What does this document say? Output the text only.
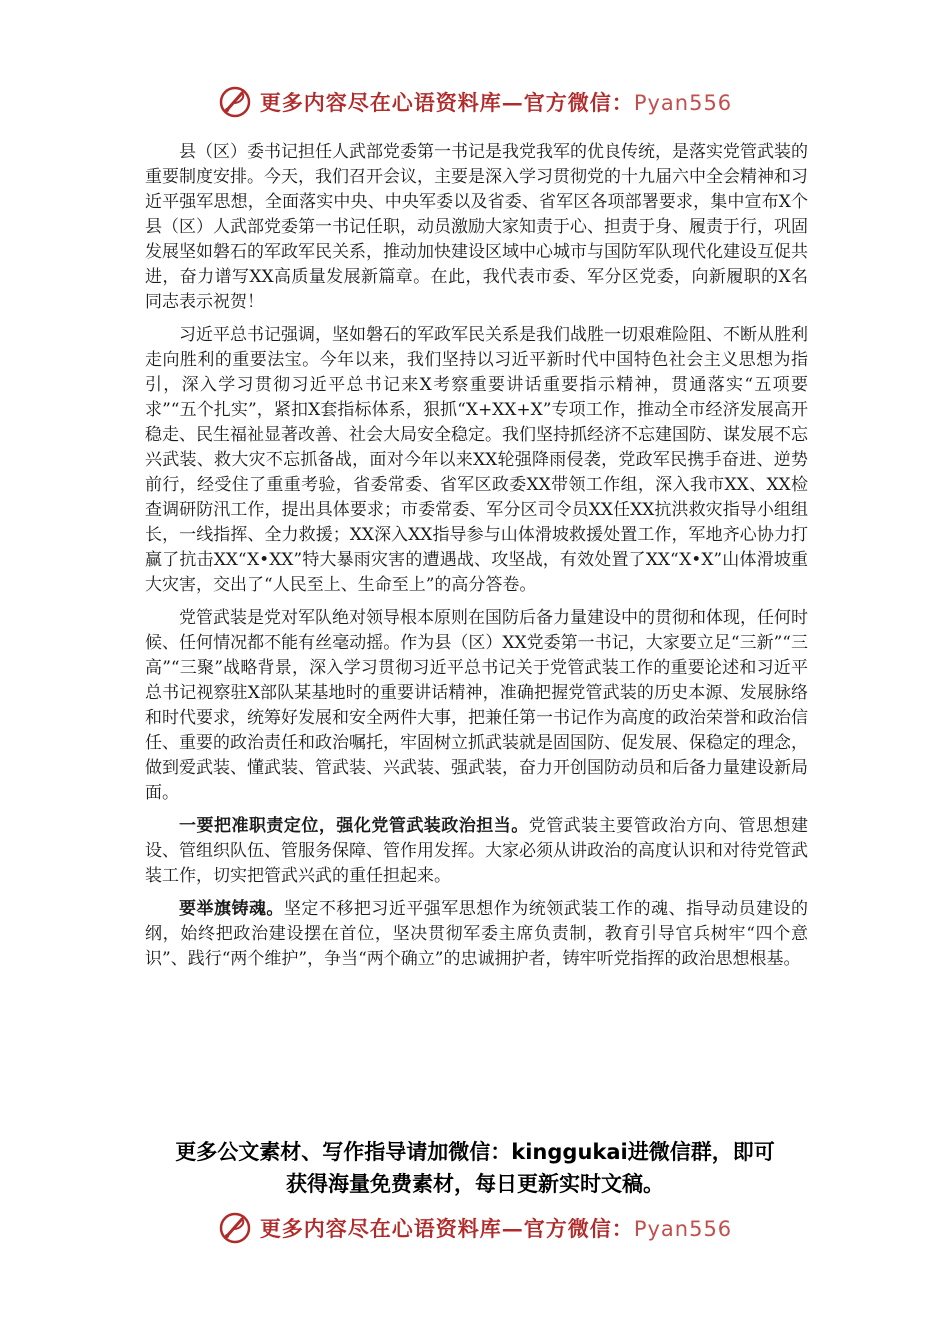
更多内容尽在心语资料库—官方微信：Pyan556

县（区）委书记担任人武部党委第一书记是我党我军的优良传统，是落实党管武装的重要制度安排。今天，我们召开会议，主要是深入学习贯彻党的十九届六中全会精神和习近平强军思想，全面落实中央、中央军委以及省委、省军区各项部署要求，集中宣布X个县（区）人武部党委第一书记任职，动员激励大家知责于心、担责于身、履责于行，巩固发展坚如磐石的军政军民关系，推动加快建设区域中心城市与国防军队现代化建设互促共进，奋力谱写XX高质量发展新篇章。在此，我代表市委、军分区党委，向新履职的X名同志表示祝贺！

习近平总书记强调，坚如磐石的军政军民关系是我们战胜一切艰难险阻、不断从胜利走向胜利的重要法宝。今年以来，我们坚持以习近平新时代中国特色社会主义思想为指引，深入学习贯彻习近平总书记来X考察重要讲话重要指示精神，贯通落实“五项要求”“五个扎实”，紧扣X套指标体系，狠抓“X+XX+X”专项工作，推动全市经济发展高开稳走、民生福祉显著改善、社会大局安全稳定。我们坚持抓经济不忘建国防、谋发展不忘兴武装、救大灾不忘抓备战，面对今年以来XX轮强降雨侵袭，党政军民携手奋进、逆势前行，经受住了重重考验，省委常委、省军区政委XX带领工作组，深入我市XX、XX检查调研防汛工作，提出具体要求；市委常委、军分区司令员XX任XX抗洪救灾指导小组组长，一线指挥、全力救援；XX深入XX指导参与山体滑坡救援处置工作，军地齐心协力打赢了抗击XX“X•XX”特大暴雨灾害的遭遇战、攻坚战，有效处置了XX“X•X”山体滑坡重大灾害，交出了“人民至上、生命至上”的高分答卷。

党管武装是党对军队绝对领导根本原则在国防后备力量建设中的贯彻和体现，任何时候、任何情况都不能有丝毫动摇。作为县（区）XX党委第一书记，大家要立足“三新”“三高”“三聚”战略背景，深入学习贯彻习近平总书记关于党管武装工作的重要论述和习近平总书记视察驻X部队某基地时的重要讲话精神，准确把握党管武装的历史本源、发展脉络和时代要求，统筹好发展和安全两件大事，把兼任第一书记作为高度的政治荣誉和政治信任、重要的政治责任和政治嘱托，牢固树立抓武装就是固国防、促发展、保稳定的理念，做到爱武装、懂武装、管武装、兴武装、强武装，奋力开创国防动员和后备力量建设新局面。

一要把准职责定位，强化党管武装政治担当。党管武装主要管政治方向、管思想建设、管组织队伍、管服务保障、管作用发挥。大家必须从讲政治的高度认识和对待党管武装工作，切实把管武兴武的重任担起来。

要举旗铸魂。坚定不移把习近平强军思想作为统领武装工作的魂、指导动员建设的纲，始终把政治建设摆在首位，坚决贯彻军委主席负责制，教育引导官兵树牢“四个意识”、践行“两个维护”，争当“两个确立”的忠诚拥护者，铸牢听党指挥的政治思想根基。

更多公文素材、写作指导请加微信：kinggukai进微信群，即可
获得海量免费素材，每日更新实时文稿。
更多内容尽在心语资料库—官方微信：Pyan556
